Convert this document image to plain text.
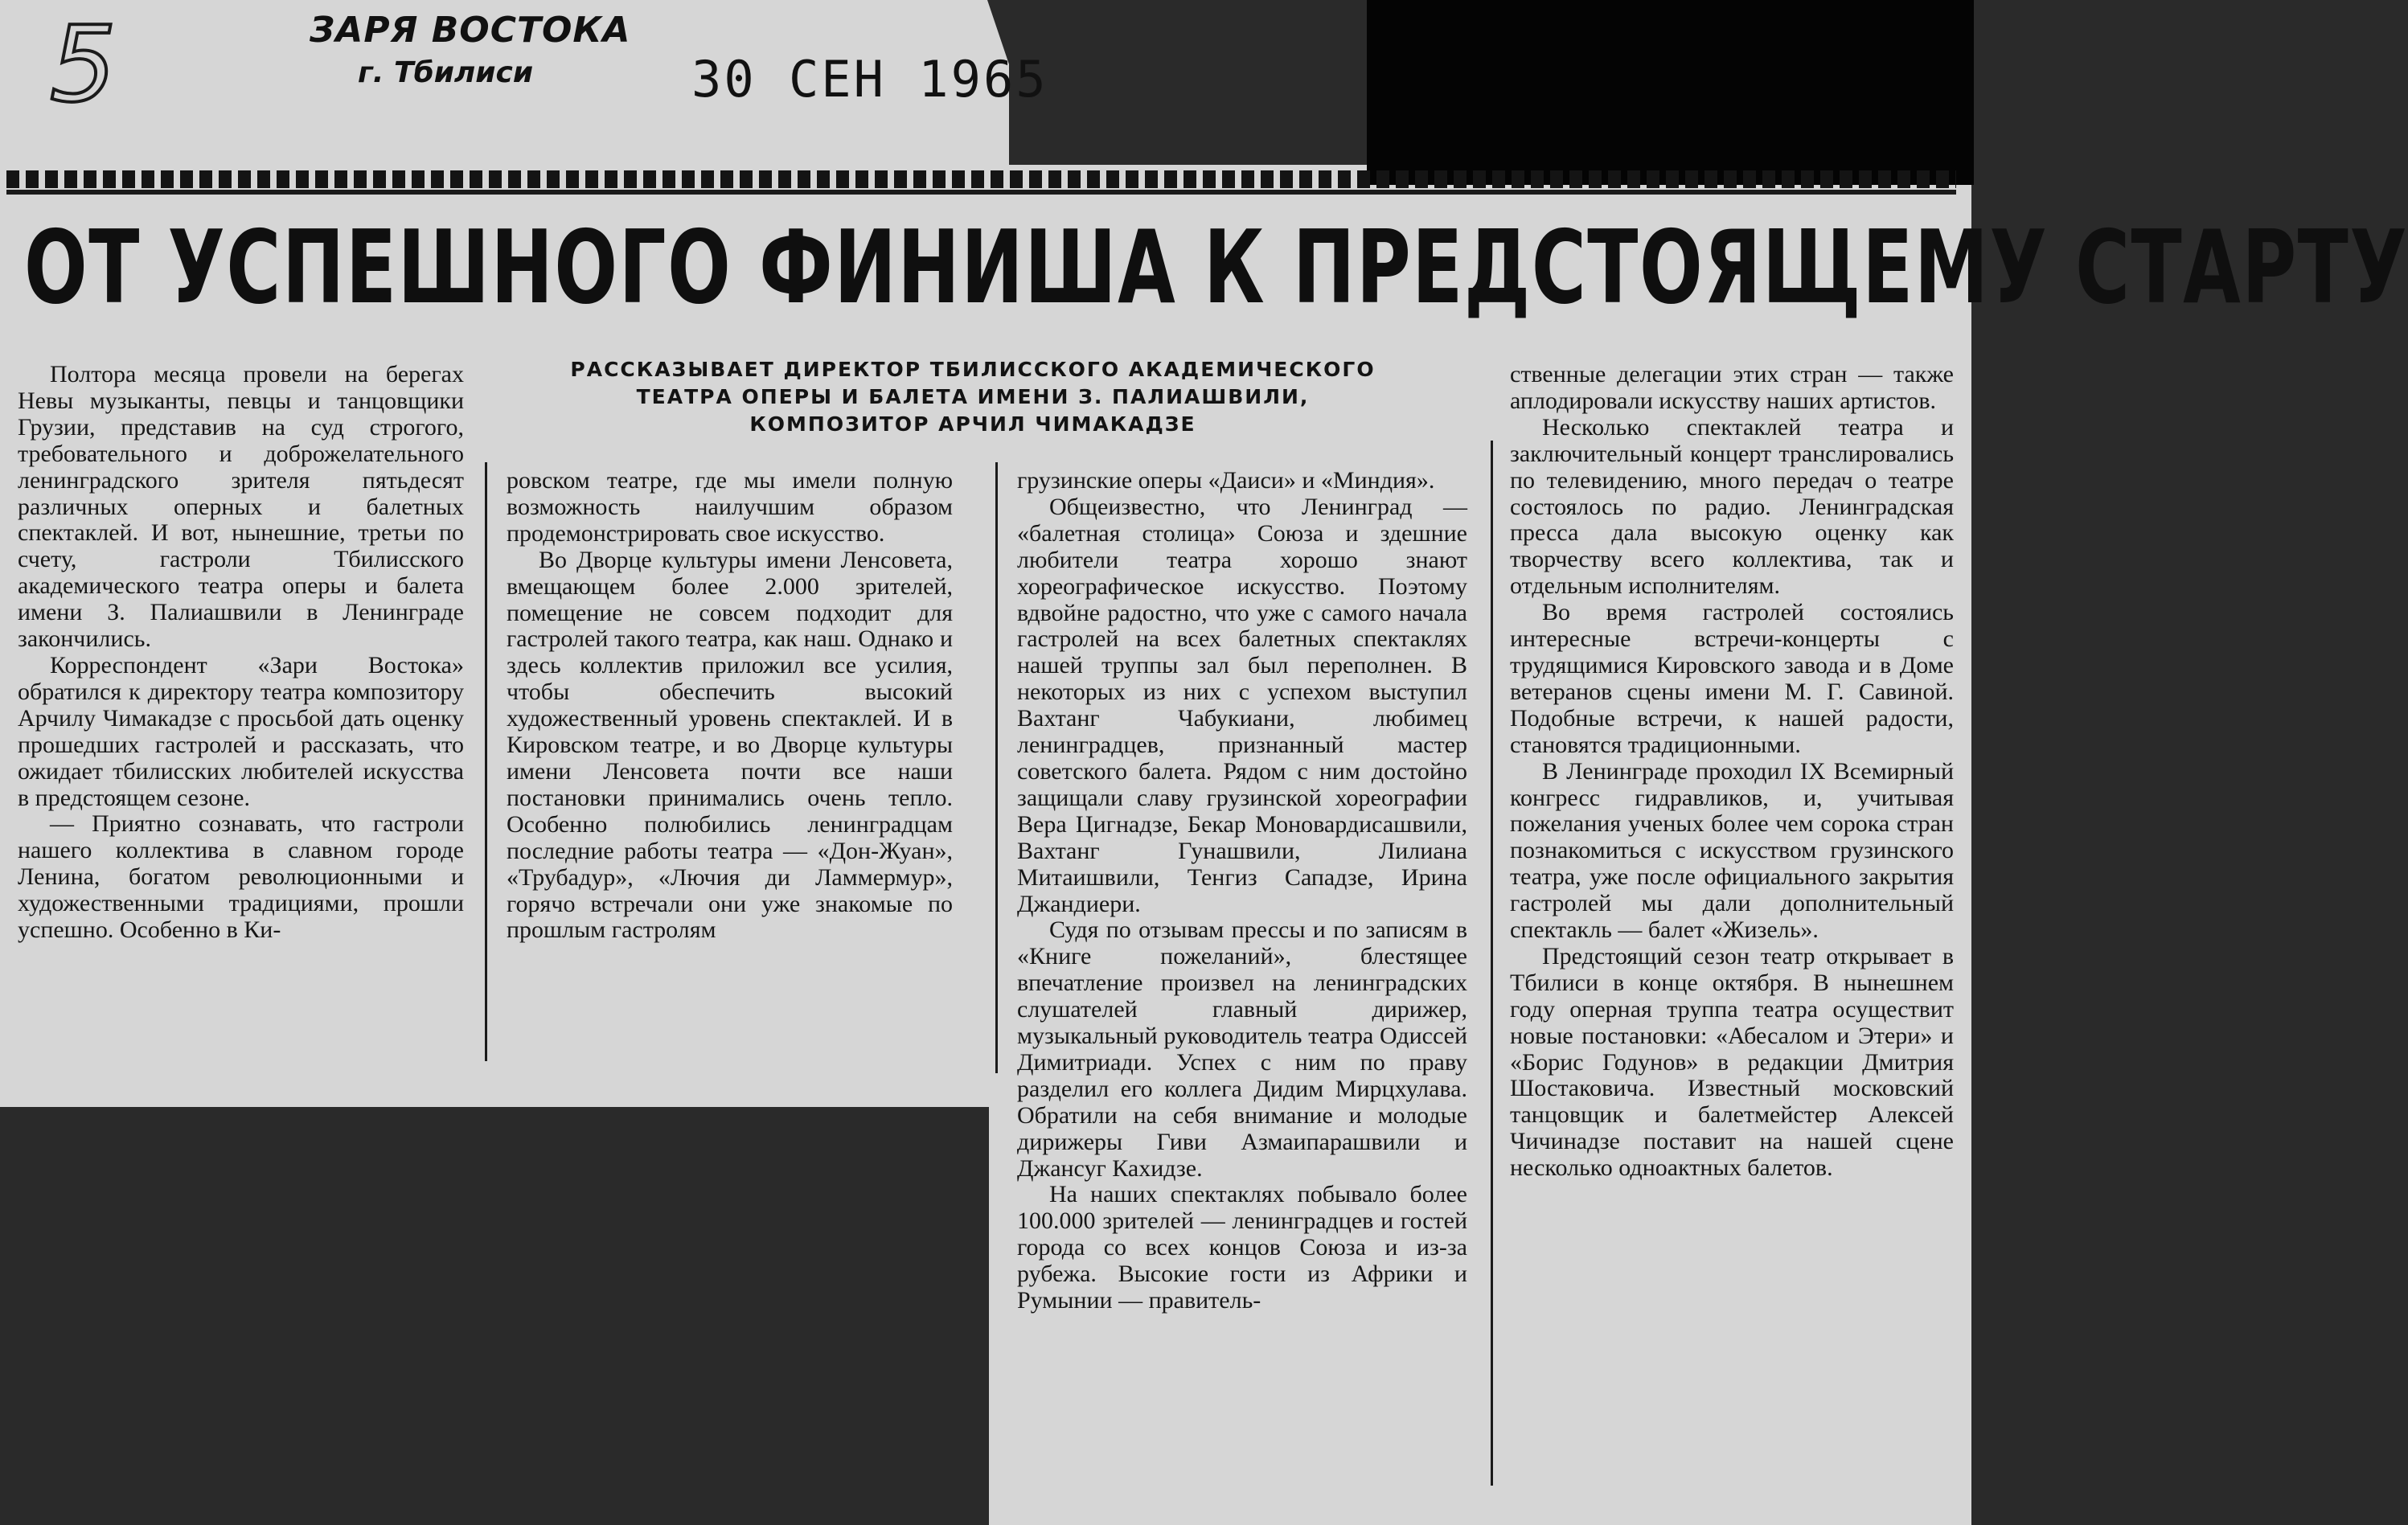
5	ЗАРЯ ВОСТОКА
г. Тбилиси	30 СЕН 1965
ОТ УСПЕШНОГО ФИНИША К ПРЕДСТОЯЩЕМУ СТАРТУ
РАССКАЗЫВАЕТ ДИРЕКТОР ТБИЛИССКОГО АКАДЕМИЧЕСКОГО ТЕАТРА ОПЕРЫ И БАЛЕТА ИМЕНИ З. ПАЛИАШВИЛИ, КОМПОЗИТОР АРЧИЛ ЧИМАКАДЗЕ

Полтора месяца провели на берегах Невы музыканты, певцы и танцовщики Грузии, представив на суд строгого, требовательного и доброжелательного ленинградского зрителя пятьдесят различных оперных и балетных спектаклей. И вот, нынешние, третьи по счету, гастроли Тбилисского академического театра оперы и балета имени З. Палиашвили в Ленинграде закончились.

Корреспондент «Зари Востока» обратился к директору театра композитору Арчилу Чимакадзе с просьбой дать оценку прошедших гастролей и рассказать, что ожидает тбилисских любителей искусства в предстоящем сезоне.

— Приятно сознавать, что гастроли нашего коллектива в славном городе Ленина, богатом революционными и художественными традициями, прошли успешно. Особенно в Ки-

ровском театре, где мы имели полную возможность наилучшим образом продемонстрировать свое искусство.

Во Дворце культуры имени Ленсовета, вмещающем более 2.000 зрителей, помещение не совсем подходит для гастролей такого театра, как наш. Однако и здесь коллектив приложил все усилия, чтобы обеспечить высокий художественный уровень спектаклей. И в Кировском театре, и во Дворце культуры имени Ленсовета почти все наши постановки принимались очень тепло. Особенно полюбились ленинградцам последние работы театра — «Дон-Жуан», «Трубадур», «Лючия ди Ламмермур», горячо встречали они уже знакомые по прошлым гастролям

грузинские оперы «Даиси» и «Миндия».

Общеизвестно, что Ленинград — «балетная столица» Союза и здешние любители театра хорошо знают хореографическое искусство. Поэтому вдвойне радостно, что уже с самого начала гастролей на всех балетных спектаклях нашей труппы зал был переполнен. В некоторых из них с успехом выступил Вахтанг Чабукиани, любимец ленинградцев, признанный мастер советского балета. Рядом с ним достойно защищали славу грузинской хореографии Вера Цигнадзе, Бекар Моновардисашвили, Вахтанг Гунашвили, Лилиана Митаишвили, Тенгиз Сападзе, Ирина Джандиери.

Судя по отзывам прессы и по записям в «Книге пожеланий», блестящее впечатление произвел на ленинградских слушателей главный дирижер, музыкальный руководитель театра Одиссей Димитриади. Успех с ним по праву разделил его коллега Дидим Мирцхулава. Обратили на себя внимание и молодые дирижеры Гиви Азмаипарашвили и Джансуг Кахидзе.

На наших спектаклях побывало более 100.000 зрителей — ленинградцев и гостей города со всех концов Союза и из-за рубежа. Высокие гости из Африки и Румынии — правитель-

ственные делегации этих стран — также аплодировали искусству наших артистов.

Несколько спектаклей театра и заключительный концерт транслировались по телевидению, много передач о театре состоялось по радио. Ленинградская пресса дала высокую оценку как творчеству всего коллектива, так и отдельным исполнителям.

Во время гастролей состоялись интересные встречи-концерты с трудящимися Кировского завода и в Доме ветеранов сцены имени М. Г. Савиной. Подобные встречи, к нашей радости, становятся традиционными.

В Ленинграде проходил IX Всемирный конгресс гидравликов, и, учитывая пожелания ученых более чем сорока стран познакомиться с искусством грузинского театра, уже после официального закрытия гастролей мы дали дополнительный спектакль — балет «Жизель».

Предстоящий сезон театр открывает в Тбилиси в конце октября. В нынешнем году оперная труппа театра осуществит новые постановки: «Абесалом и Этери» и «Борис Годунов» в редакции Дмитрия Шостаковича. Известный московский танцовщик и балетмейстер Алексей Чичинадзе поставит на нашей сцене несколько одноактных балетов.
